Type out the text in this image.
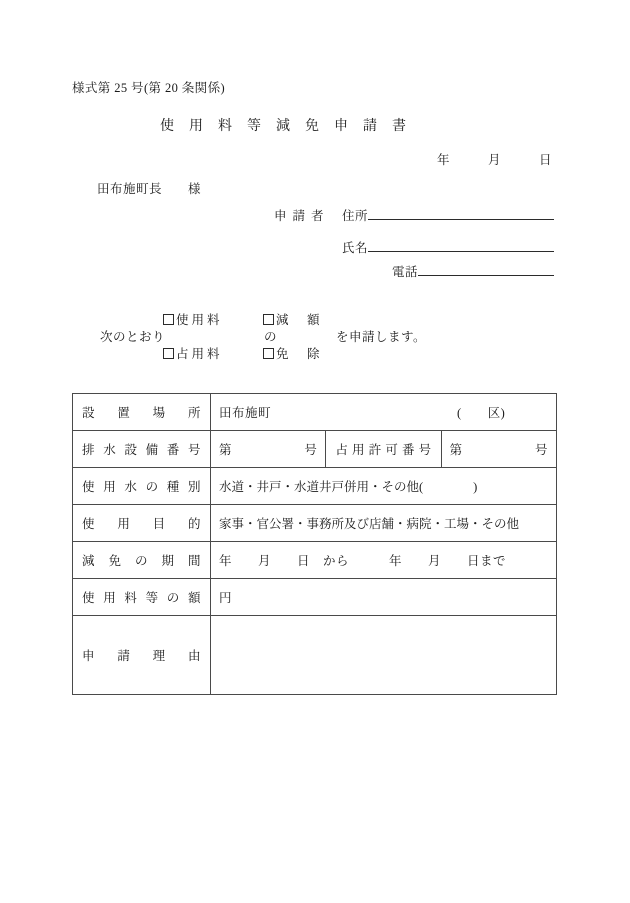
様式第 25 号(第 20 条関係)
使用料等減免申請書
年　月　日
田布施町長　　様
申請者 住所
氏名
電話
次のとおり
使用料
占用料
の
減　額
免　除
を申請します。
設置場所	田布施町 (　　区)		
排水設備番号	第 号	占用許可番号	第 号

使用水の種別	水道・井戸・水道井戸併用・その他(　　　　)		
使用目的	家事・官公署・事務所及び店舗・病院・工場・その他		
減免の期間	年　　月　　日　から 年　　月　　日まで		
使用料等の額	円		
申請理由			
